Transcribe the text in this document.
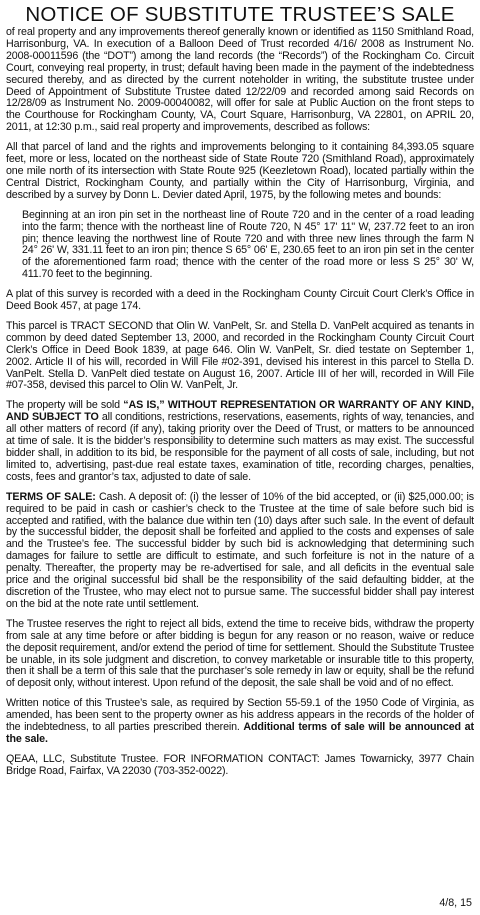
NOTICE OF SUBSTITUTE TRUSTEE’S SALE

of real property and any improvements thereof generally known or identified as 1150 Smithland Road, Harrisonburg, VA. In execution of a Balloon Deed of Trust recorded 4/16/ 2008 as Instrument No. 2008-00011596 (the “DOT”) among the land records (the “Records”) of the Rockingham Co. Circuit Court, conveying real property, in trust; default having been made in the payment of the indebtedness secured thereby, and as directed by the current noteholder in writing, the substitute trustee under Deed of Appointment of Substitute Trustee dated 12/22/09 and recorded among said Records on 12/28/09 as Instrument No. 2009-00040082, will offer for sale at Public Auction on the front steps to the Courthouse for Rockingham County, VA, Court Square, Harrisonburg, VA 22801, on APRIL 20, 2011, at 12:30 p.m., said real property and improvements, described as follows:

All that parcel of land and the rights and improvements belonging to it containing 84,393.05 square feet, more or less, located on the northeast side of State Route 720 (Smithland Road), approximately one mile north of its intersection with State Route 925 (Keezletown Road), located partially within the Central District, Rockingham County, and partially within the City of Harrisonburg, Virginia, and described by a survey by Donn L. Devier dated April, 1975, by the following metes and bounds:

Beginning at an iron pin set in the northeast line of Route 720 and in the center of a road leading into the farm; thence with the northeast line of Route 720, N 45° 17' 11" W, 237.72 feet to an iron pin; thence leaving the northwest line of Route 720 and with three new lines through the farm N 24° 26' W, 331.11 feet to an iron pin; thence S 65° 06' E, 230.65 feet to an iron pin set in the center of the aforementioned farm road; thence with the center of the road more or less S 25° 30' W, 411.70 feet to the beginning.

A plat of this survey is recorded with a deed in the Rockingham County Circuit Court Clerk’s Office in Deed Book 457, at page 174.

This parcel is TRACT SECOND that Olin W. VanPelt, Sr. and Stella D. VanPelt acquired as tenants in common by deed dated September 13, 2000, and recorded in the Rockingham County Circuit Court Clerk’s Office in Deed Book 1839, at page 646. Olin W. VanPelt, Sr. died testate on September 1, 2002. Article II of his will, recorded in Will File #02-391, devised his interest in this parcel to Stella D. VanPelt. Stella D. VanPelt died testate on August 16, 2007. Article III of her will, recorded in Will File #07-358, devised this parcel to Olin W. VanPelt, Jr.

The property will be sold “AS IS,” WITHOUT REPRESENTATION OR WARRANTY OF ANY KIND, AND SUBJECT TO all conditions, restrictions, reservations, easements, rights of way, tenancies, and all other matters of record (if any), taking priority over the Deed of Trust, or matters to be announced at time of sale. It is the bidder’s responsibility to determine such matters as may exist. The successful bidder shall, in addition to its bid, be responsible for the payment of all costs of sale, including, but not limited to, advertising, past-due real estate taxes, examination of title, recording charges, penalties, costs, fees and grantor’s tax, adjusted to date of sale.

TERMS OF SALE: Cash. A deposit of: (i) the lesser of 10% of the bid accepted, or (ii) $25,000.00; is required to be paid in cash or cashier’s check to the Trustee at the time of sale before such bid is accepted and ratified, with the balance due within ten (10) days after such sale. In the event of default by the successful bidder, the deposit shall be forfeited and applied to the costs and expenses of sale and the Trustee’s fee. The successful bidder by such bid is acknowledging that determining such damages for failure to settle are difficult to estimate, and such forfeiture is not in the nature of a penalty. Thereafter, the property may be re-advertised for sale, and all deficits in the eventual sale price and the original successful bid shall be the responsibility of the said defaulting bidder, at the discretion of the Trustee, who may elect not to pursue same. The successful bidder shall pay interest on the bid at the note rate until settlement.

The Trustee reserves the right to reject all bids, extend the time to receive bids, withdraw the property from sale at any time before or after bidding is begun for any reason or no reason, waive or reduce the deposit requirement, and/or extend the period of time for settlement. Should the Substitute Trustee be unable, in its sole judgment and discretion, to convey marketable or insurable title to this property, then it shall be a term of this sale that the purchaser’s sole remedy in law or equity, shall be the refund of deposit only, without interest. Upon refund of the deposit, the sale shall be void and of no effect.

Written notice of this Trustee’s sale, as required by Section 55-59.1 of the 1950 Code of Virginia, as amended, has been sent to the property owner as his address appears in the records of the holder of the indebtedness, to all parties prescribed therein. Additional terms of sale will be announced at the sale.

QEAA, LLC, Substitute Trustee. FOR INFORMATION CONTACT: James Towarnicky, 3977 Chain Bridge Road, Fairfax, VA 22030 (703-352-0022).

4/8, 15
